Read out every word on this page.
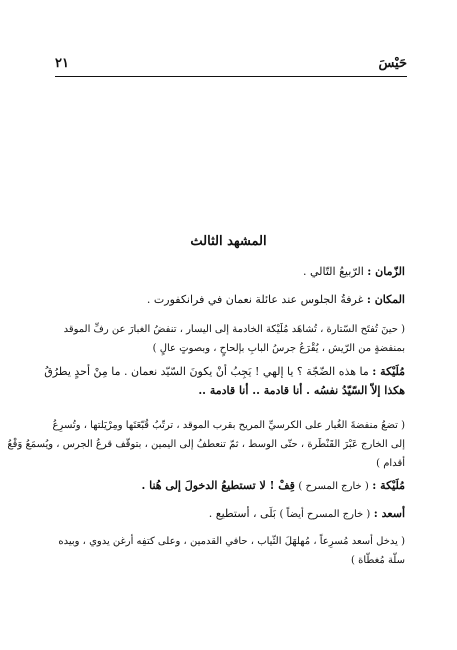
حَيْسَ
٢١
المشهد الثالث
الزّمان : الرّبيعُ التّالي .
المكان : غرفةُ الجلوس عند عائلة نعمان في فرانكفورت .
( حينَ تُفتَح السّتارة ، تُشاهَد مُلَيْكة الخادمة إلى اليسار ، تنفضُ الغبارَ عن رفِّ الموقد
بمنفضةٍ من الرّيش ، يُقْرَعُ جرسُ البابِ بإلحاحٍ ، وبصوتٍ عالٍ )
مُلَيْكة : ما هذه الضّجّة ؟ يا إلهي ! يَجِبُ أنْ يكونَ السّيّد نعمان . ما مِنْ أحدٍ يطرُقُ
هكذا إلاّ السّيّدُ نفسُه . أنا قادمة .. أنا قادمة ..
( تضعُ منفضةَ الغُبار على الكرسيِّ المريح بقرب الموقد ، ترتّبُ قُبّعَتَها ومِرْيَلتها ، وتُسرِعُ
إلى الخارج عَبْرَ القَنْطَرة ، حتّى الوسط ، ثمّ تنعطفُ إلى اليمين ، بتوقّف قرعُ الجرس ، ويُسمَعُ وَقْعُ
أقدام )
مُلَيْكة : ( خارج المسرح ) قِفْ ! لا تستطيعُ الدخولَ إلى هُنا .
أسعد : ( خارج المسرح أيضاً ) بَلَى ، أستطيع .
( يدخل أسعد مُسرِعاً ، مُهلهَلَ الثّياب ، حافي القدمين ، وعلى كتفِه أرغن يدوي ، وبيده
سلّة مُغطّاة )
